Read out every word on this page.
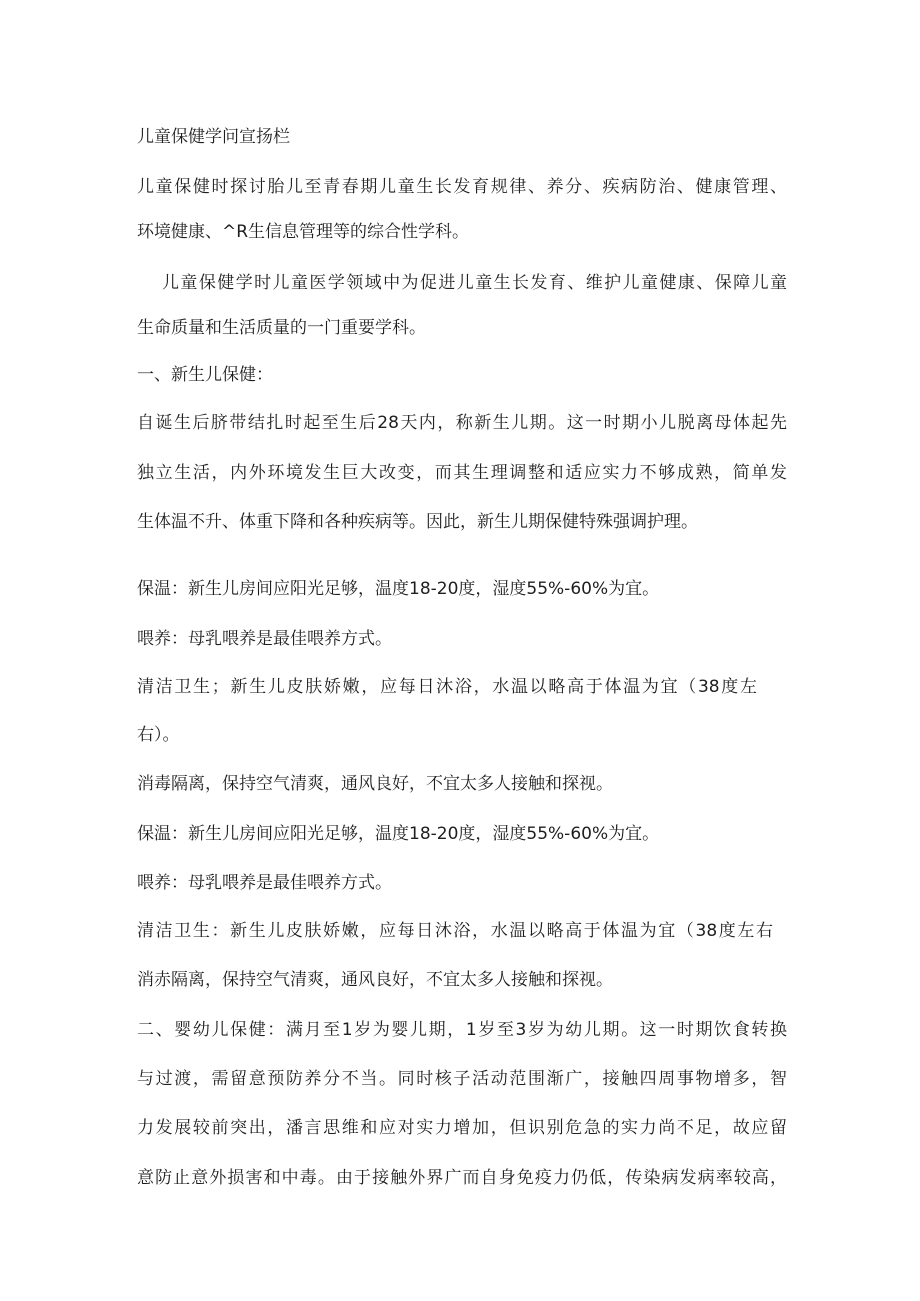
儿童保健学问宣扬栏
儿童保健时探讨胎儿至青春期儿童生长发育规律、养分、疾病防治、健康管理、
环境健康、^R生信息管理等的综合性学科。
儿童保健学时儿童医学领域中为促进儿童生长发育、维护儿童健康、保障儿童
生命质量和生活质量的一门重要学科。
一、新生儿保健：
自诞生后脐带结扎时起至生后28天内，称新生儿期。这一时期小儿脱离母体起先
独立生活，内外环境发生巨大改变，而其生理调整和适应实力不够成熟，简单发
生体温不升、体重下降和各种疾病等。因此，新生儿期保健特殊强调护理。
保温：新生儿房间应阳光足够，温度18-20度，湿度55%-60%为宜。
喂养：母乳喂养是最佳喂养方式。
清洁卫生；新生儿皮肤娇嫩，应每日沐浴，水温以略高于体温为宜（38度左
右）。
消毒隔离，保持空气清爽，通风良好，不宜太多人接触和探视。
保温：新生儿房间应阳光足够，温度18-20度，湿度55%-60%为宜。
喂养：母乳喂养是最佳喂养方式。
清洁卫生：新生儿皮肤娇嫩，应每日沐浴，水温以略高于体温为宜（38度左右
消赤隔离，保持空气清爽，通风良好，不宜太多人接触和探视。
二、婴幼儿保健：满月至1岁为婴儿期，1岁至3岁为幼儿期。这一时期饮食转换
与过渡，需留意预防养分不当。同时核子活动范围渐广，接触四周事物增多，智
力发展较前突出，潘言思维和应对实力增加，但识别危急的实力尚不足，故应留
意防止意外损害和中毒。由于接触外界广而自身免疫力仍低，传染病发病率较高，
